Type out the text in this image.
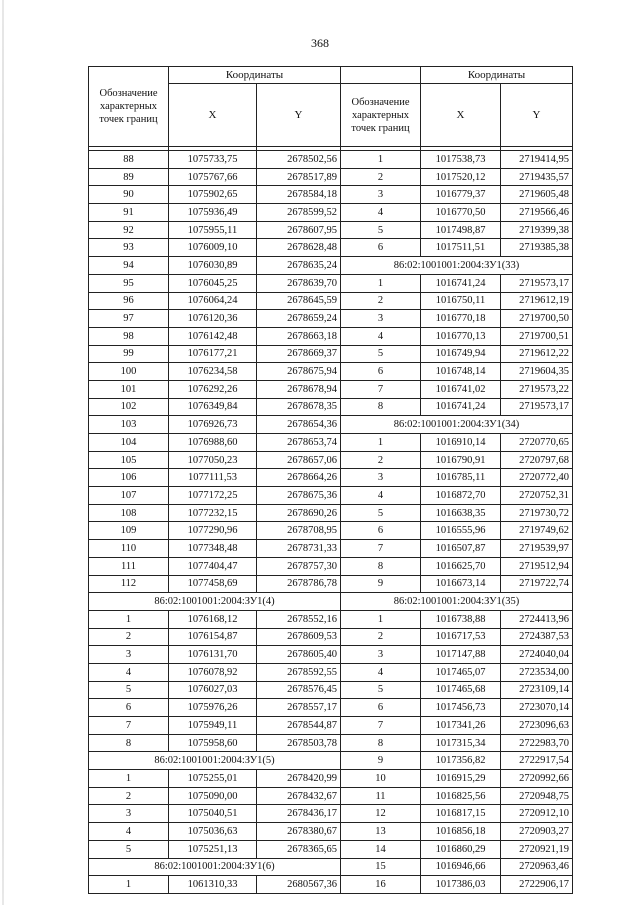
368
Обозначение характерных точек границ	Координаты			Координаты	
	X	Y	Обозначение характерных точек границ	X	Y

88	1075733,75	2678502,56	1	1017538,73	2719414,95
89	1075767,66	2678517,89	2	1017520,12	2719435,57
90	1075902,65	2678584,18	3	1016779,37	2719605,48
91	1075936,49	2678599,52	4	1016770,50	2719566,46
92	1075955,11	2678607,95	5	1017498,87	2719399,38
93	1076009,10	2678628,48	6	1017511,51	2719385,38
94	1076030,89	2678635,24	86:02:1001001:2004:ЗУ1(33)		
95	1076045,25	2678639,70	1	1016741,24	2719573,17
96	1076064,24	2678645,59	2	1016750,11	2719612,19
97	1076120,36	2678659,24	3	1016770,18	2719700,50
98	1076142,48	2678663,18	4	1016770,13	2719700,51
99	1076177,21	2678669,37	5	1016749,94	2719612,22
100	1076234,58	2678675,94	6	1016748,14	2719604,35
101	1076292,26	2678678,94	7	1016741,02	2719573,22
102	1076349,84	2678678,35	8	1016741,24	2719573,17
103	1076926,73	2678654,36	86:02:1001001:2004:ЗУ1(34)		
104	1076988,60	2678653,74	1	1016910,14	2720770,65
105	1077050,23	2678657,06	2	1016790,91	2720797,68
106	1077111,53	2678664,26	3	1016785,11	2720772,40
107	1077172,25	2678675,36	4	1016872,70	2720752,31
108	1077232,15	2678690,26	5	1016638,35	2719730,72
109	1077290,96	2678708,95	6	1016555,96	2719749,62
110	1077348,48	2678731,33	7	1016507,87	2719539,97
111	1077404,47	2678757,30	8	1016625,70	2719512,94
112	1077458,69	2678786,78	9	1016673,14	2719722,74
86:02:1001001:2004:ЗУ1(4)			86:02:1001001:2004:ЗУ1(35)		
1	1076168,12	2678552,16	1	1016738,88	2724413,96
2	1076154,87	2678609,53	2	1016717,53	2724387,53
3	1076131,70	2678605,40	3	1017147,88	2724040,04
4	1076078,92	2678592,55	4	1017465,07	2723534,00
5	1076027,03	2678576,45	5	1017465,68	2723109,14
6	1075976,26	2678557,17	6	1017456,73	2723070,14
7	1075949,11	2678544,87	7	1017341,26	2723096,63
8	1075958,60	2678503,78	8	1017315,34	2722983,70
86:02:1001001:2004:ЗУ1(5)			9	1017356,82	2722917,54
1	1075255,01	2678420,99	10	1016915,29	2720992,66
2	1075090,00	2678432,67	11	1016825,56	2720948,75
3	1075040,51	2678436,17	12	1016817,15	2720912,10
4	1075036,63	2678380,67	13	1016856,18	2720903,27
5	1075251,13	2678365,65	14	1016860,29	2720921,19
86:02:1001001:2004:ЗУ1(6)			15	1016946,66	2720963,46
1	1061310,33	2680567,36	16	1017386,03	2722906,17
